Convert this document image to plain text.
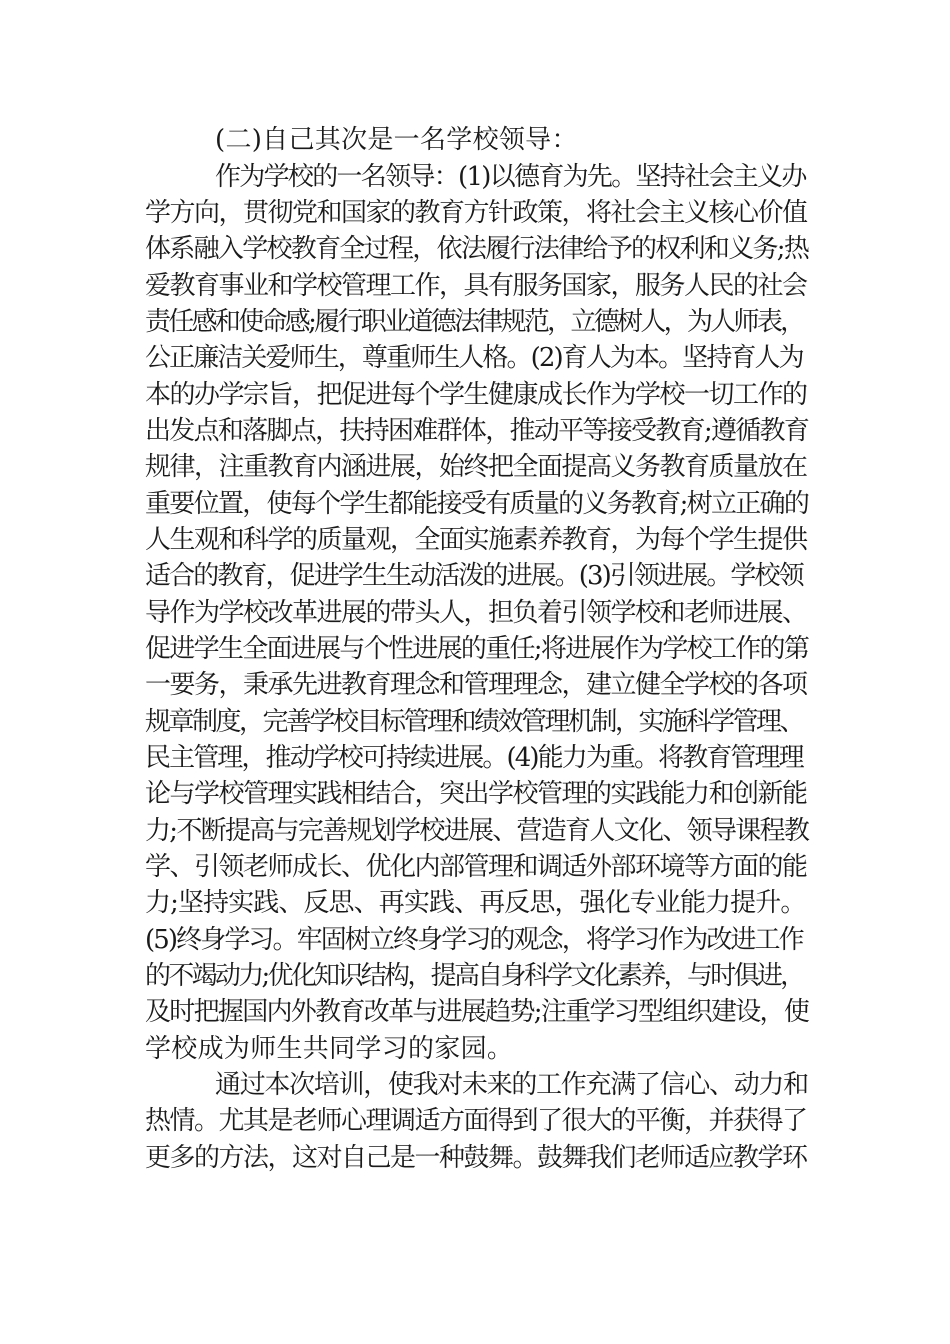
(二)自己其次是一名学校领导：
作为学校的一名领导：(1)以德育为先。坚持社会主义办
学方向，贯彻党和国家的教育方针政策，将社会主义核心价值
体系融入学校教育全过程，依法履行法律给予的权利和义务;热
爱教育事业和学校管理工作，具有服务国家，服务人民的社会
责任感和使命感;履行职业道德法律规范，立德树人，为人师表，
公正廉洁关爱师生，尊重师生人格。(2)育人为本。坚持育人为
本的办学宗旨，把促进每个学生健康成长作为学校一切工作的
出发点和落脚点，扶持困难群体，推动平等接受教育;遵循教育
规律，注重教育内涵进展，始终把全面提高义务教育质量放在
重要位置，使每个学生都能接受有质量的义务教育;树立正确的
人生观和科学的质量观，全面实施素养教育，为每个学生提供
适合的教育，促进学生生动活泼的进展。(3)引领进展。学校领
导作为学校改革进展的带头人，担负着引领学校和老师进展、
促进学生全面进展与个性进展的重任;将进展作为学校工作的第
一要务，秉承先进教育理念和管理理念，建立健全学校的各项
规章制度，完善学校目标管理和绩效管理机制，实施科学管理、
民主管理，推动学校可持续进展。(4)能力为重。将教育管理理
论与学校管理实践相结合，突出学校管理的实践能力和创新能
力;不断提高与完善规划学校进展、营造育人文化、领导课程教
学、引领老师成长、优化内部管理和调适外部环境等方面的能
力;坚持实践、反思、再实践、再反思，强化专业能力提升。
(5)终身学习。牢固树立终身学习的观念，将学习作为改进工作
的不竭动力;优化知识结构，提高自身科学文化素养，与时俱进，
及时把握国内外教育改革与进展趋势;注重学习型组织建设，使
学校成为师生共同学习的家园。
通过本次培训，使我对未来的工作充满了信心、动力和
热情。尤其是老师心理调适方面得到了很大的平衡，并获得了
更多的方法，这对自己是一种鼓舞。鼓舞我们老师适应教学环
